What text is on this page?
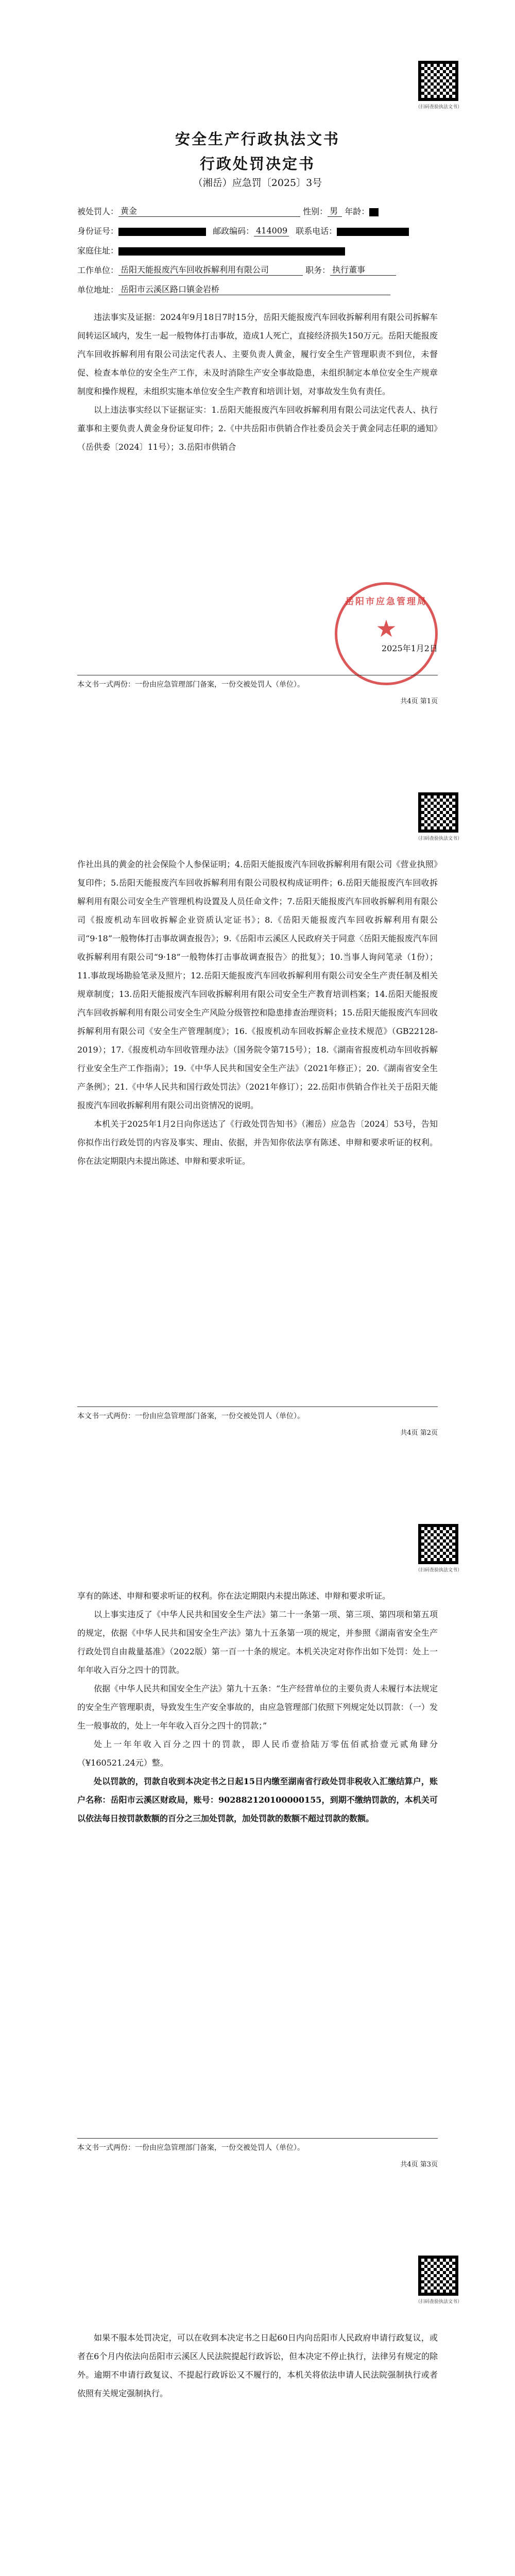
（扫码查验执法文书）
安全生产行政执法文书
行政处罚决定书
（湘岳）应急罚〔2025〕3号
被处罚人： 黄金	性别： 男 年龄：
身份证号：	邮政编码： 414009 联系电话：
家庭住址：
工作单位： 岳阳天能报废汽车回收拆解利用有限公司	职务： 执行董事
单位地址： 岳阳市云溪区路口镇金岩桥

违法事实及证据：2024年9月18日7时15分，岳阳天能报废汽车回收拆解利用有限公司拆解车间转运区域内，发生一起一般物体打击事故，造成1人死亡，直接经济损失150万元。岳阳天能报废汽车回收拆解利用有限公司法定代表人、主要负责人黄金，履行安全生产管理职责不到位，未督促、检查本单位的安全生产工作，未及时消除生产安全事故隐患，未组织制定本单位安全生产规章制度和操作规程，未组织实施本单位安全生产教育和培训计划，对事故发生负有责任。

以上违法事实经以下证据证实：1.岳阳天能报废汽车回收拆解利用有限公司法定代表人、执行董事和主要负责人黄金身份证复印件；2.《中共岳阳市供销合作社委员会关于黄金同志任职的通知》（岳供委〔2024〕11号）；3.岳阳市供销合

岳阳市应急管理局
★
2025年1月2日
本文书一式两份：一份由应急管理部门备案，一份交被处罚人（单位）。
共4页 第1页
（扫码查验执法文书）

作社出具的黄金的社会保险个人参保证明；4.岳阳天能报废汽车回收拆解利用有限公司《营业执照》复印件；5.岳阳天能报废汽车回收拆解利用有限公司股权构成证明件；6.岳阳天能报废汽车回收拆解利用有限公司安全生产管理机构设置及人员任命文件；7.岳阳天能报废汽车回收拆解利用有限公司《报废机动车回收拆解企业资质认定证书》；8.《岳阳天能报废汽车回收拆解利用有限公司“9·18”一般物体打击事故调查报告》；9.《岳阳市云溪区人民政府关于同意〈岳阳天能报废汽车回收拆解利用有限公司“9·18”一般物体打击事故调查报告〉的批复》；10.当事人询问笔录（1份）；11.事故现场勘验笔录及照片；12.岳阳天能报废汽车回收拆解利用有限公司安全生产责任制及相关规章制度；13.岳阳天能报废汽车回收拆解利用有限公司安全生产教育培训档案；14.岳阳天能报废汽车回收拆解利用有限公司安全生产风险分级管控和隐患排查治理资料；15.岳阳天能报废汽车回收拆解利用有限公司《安全生产管理制度》；16.《报废机动车回收拆解企业技术规范》（GB22128-2019）；17.《报废机动车回收管理办法》（国务院令第715号）；18.《湖南省报废机动车回收拆解行业安全生产工作指南》；19.《中华人民共和国安全生产法》（2021年修正）；20.《湖南省安全生产条例》；21.《中华人民共和国行政处罚法》（2021年修订）；22.岳阳市供销合作社关于岳阳天能报废汽车回收拆解利用有限公司出资情况的说明。

本机关于2025年1月2日向你送达了《行政处罚告知书》（湘岳）应急告〔2024〕53号，告知你拟作出行政处罚的内容及事实、理由、依据，并告知你依法享有陈述、申辩和要求听证的权利。你在法定期限内未提出陈述、申辩和要求听证。

本文书一式两份：一份由应急管理部门备案，一份交被处罚人（单位）。
共4页 第2页
（扫码查验执法文书）

享有的陈述、申辩和要求听证的权利。你在法定期限内未提出陈述、申辩和要求听证。

以上事实违反了《中华人民共和国安全生产法》第二十一条第一项、第三项、第四项和第五项的规定，依据《中华人民共和国安全生产法》第九十五条第一项的规定，并参照《湖南省安全生产行政处罚自由裁量基准》（2022版）第一百一十条的规定。本机关决定对你作出如下处罚：处上一年年收入百分之四十的罚款。

依据《中华人民共和国安全生产法》第九十五条：“生产经营单位的主要负责人未履行本法规定的安全生产管理职责，导致发生生产安全事故的，由应急管理部门依照下列规定处以罚款：（一）发生一般事故的，处上一年年收入百分之四十的罚款；”

处上一年年收入百分之四十的罚款，即人民币壹拾陆万零伍佰贰拾壹元贰角肆分（¥160521.24元）整。

处以罚款的，罚款自收到本决定书之日起15日内缴至湖南省行政处罚非税收入汇缴结算户，账户名称：岳阳市云溪区财政局，账号：902882120100000155，到期不缴纳罚款的，本机关可以依法每日按罚款数额的百分之三加处罚款，加处罚款的数额不超过罚款的数额。

本文书一式两份：一份由应急管理部门备案，一份交被处罚人（单位）。
共4页 第3页
（扫码查验执法文书）

如果不服本处罚决定，可以在收到本决定书之日起60日内向岳阳市人民政府申请行政复议，或者在6个月内依法向岳阳市云溪区人民法院提起行政诉讼，但本决定不停止执行，法律另有规定的除外。逾期不申请行政复议、不提起行政诉讼又不履行的，本机关将依法申请人民法院强制执行或者依照有关规定强制执行。
